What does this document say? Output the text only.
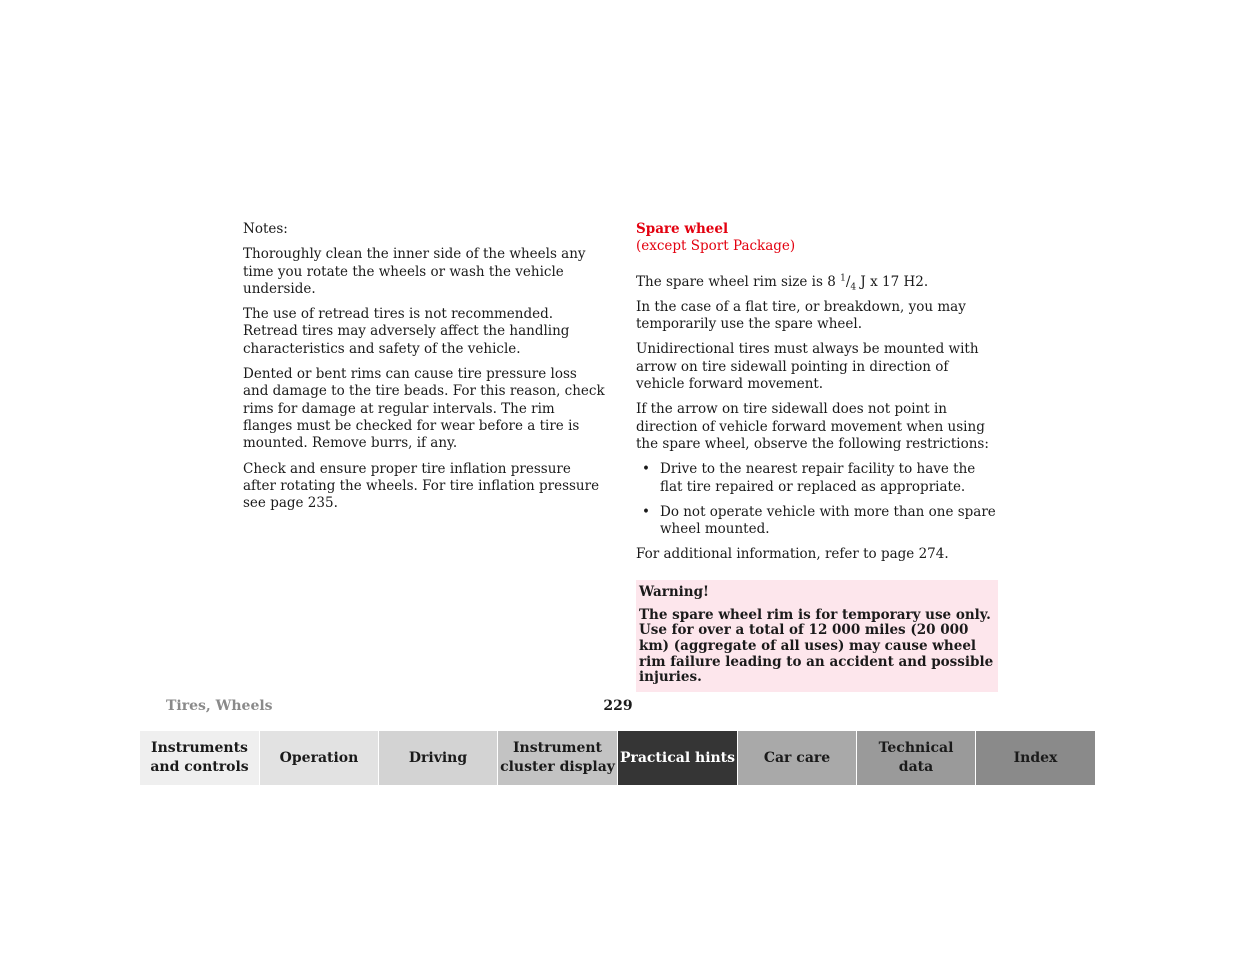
Notes:

Thoroughly clean the inner side of the wheels any time you rotate the wheels or wash the vehicle underside.

The use of retread tires is not recommended. Retread tires may adversely affect the handling characteristics and safety of the vehicle.

Dented or bent rims can cause tire pressure loss and damage to the tire beads. For this reason, check rims for damage at regular intervals. The rim flanges must be checked for wear before a tire is mounted. Remove burrs, if any.

Check and ensure proper tire inflation pressure after rotating the wheels. For tire inflation pressure see page 235.

Spare wheel
(except Sport Package)

The spare wheel rim size is 8 $^1/_4$ J x 17 H2.

In the case of a flat tire, or breakdown, you may temporarily use the spare wheel.

Unidirectional tires must always be mounted with arrow on tire sidewall pointing in direction of vehicle forward movement.

If the arrow on tire sidewall does not point in direction of vehicle forward movement when using the spare wheel, observe the following restrictions:

• Drive to the nearest repair facility to have the flat tire repaired or replaced as appropriate.
• Do not operate vehicle with more than one spare wheel mounted.

For additional information, refer to page 274.

Warning!
The spare wheel rim is for temporary use only. Use for over a total of 12 000 miles (20 000 km) (aggregate of all uses) may cause wheel rim failure leading to an accident and possible injuries.
Tires, Wheels	229
Instruments
and controls
Operation	Driving
Instrument
cluster display
Practical hints Car care
Technical
data
Index
